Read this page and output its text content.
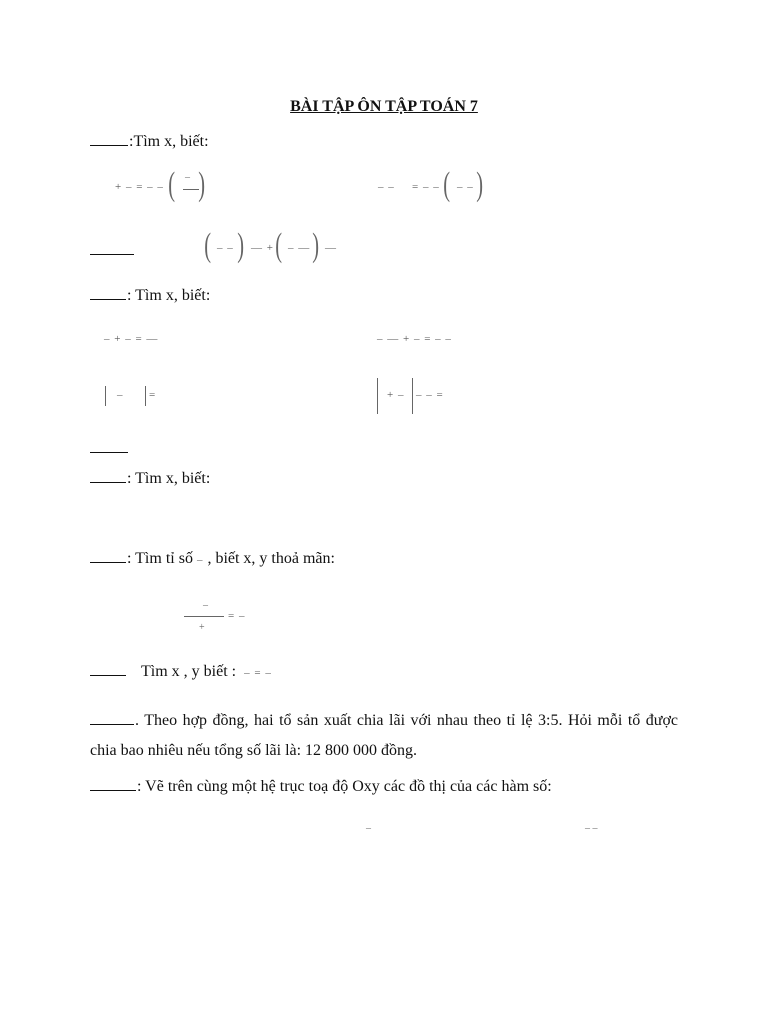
BÀI TẬP ÔN TẬP TOÁN 7
:Tìm x, biết:
+ – = – – ( – )	– – = – – ( – – )
( – – ) — + ( – — ) —
: Tìm x, biết:
– + – = —	– — + – = – –
– =	+ – – – =
: Tìm x, biết:
: Tìm tỉ số – , biết x, y thoả mãn:
–
+
= –
Tìm x , y biết : – = –
. Theo hợp đồng, hai tổ sản xuất chia lãi với nhau theo tỉ lệ 3:5. Hỏi mỗi tổ được chia bao nhiêu nếu tổng số lãi là: 12 800 000 đồng.
: Vẽ trên cùng một hệ trục toạ độ Oxy các đồ thị của các hàm số:
–	– –
